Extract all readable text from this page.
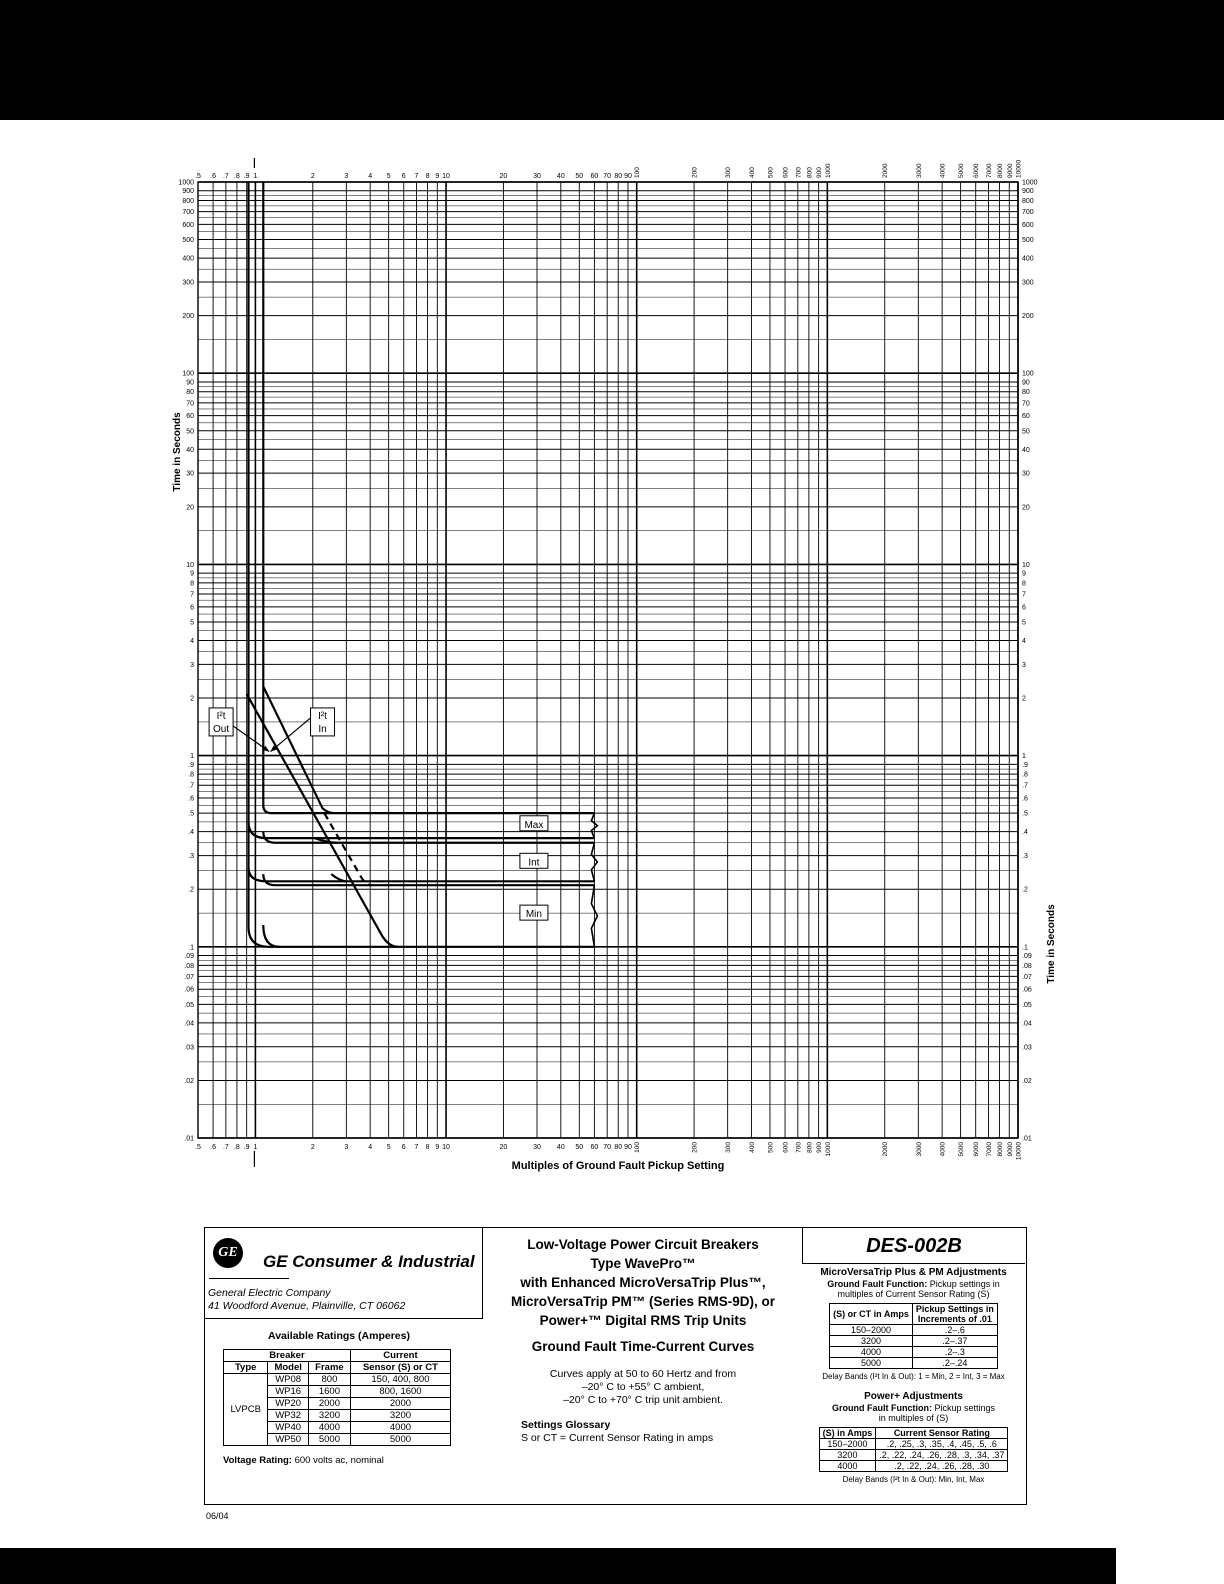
.5
.5
.6
.6
.7
.7
.8
.8
.9
.9
1
1
2
2
3
3
4
4
5
5
6
6
7
7
8
8
9
9
10
10
20
20
30
30
40
40
50
50
60
60
70
70
80
80
90
90
100
100
200
200
300
300
400
400
500
500
600
600
700
700
800
800
900
900
1000
1000
2000
2000
3000
3000
4000
4000
5000
5000
6000
6000
7000
7000
8000
8000
9000
9000
10000
10000
1000	1000
900	900
800	800
700	700
600	600
500	500
400	400
300	300
200	200
100	100
90	90
80	80
70	70
60	60
50	50
40	40
30	30
20	20
10	10
9	9
8	8
7	7
6	6
5	5
4	4
3	3
2	2
1	1
.9	.9
.8	.8
.7	.7
.6	.6
.5	.5
.4	.4
.3	.3
.2	.2
.1	.1
.09	.09
.08	.08
.07	.07
.06	.06
.05	.05
.04	.04
.03	.03
.02	.02
.01	.01
Max
Int
Min
I²t
Out
I²t
In
Multiples of Ground Fault Pickup Setting
Time in Seconds
Time in Seconds
GE	GE Consumer & Industrial
General Electric Company
41 Woodford Avenue, Plainville, CT 06062
Available Ratings (Amperes)
Breaker			Current
Type	Model	Frame	Sensor (S) or CT
LVPCB	WP08	800	150, 400, 800
	WP16	1600	800, 1600
	WP20	2000	2000
	WP32	3200	3200
	WP40	4000	4000
	WP50	5000	5000
Voltage Rating: 600 volts ac, nominal
Low-Voltage Power Circuit Breakers
Type WavePro™
with Enhanced MicroVersaTrip Plus™,
MicroVersaTrip PM™ (Series RMS-9D), or
Power+™ Digital RMS Trip Units
Ground Fault Time-Current Curves
Curves apply at 50 to 60 Hertz and from
–20° C to +55° C ambient,
–20° C to +70° C trip unit ambient.
Settings Glossary
S or CT = Current Sensor Rating in amps
DES-002B
MicroVersaTrip Plus & PM Adjustments
Ground Fault Function: Pickup settings in
multiples of Current Sensor Rating (S)
(S) or CT in Amps	Pickup Settings in
Increments of .01

150–2000	.2–.6
3200	.2–.37
4000	.2–.3
5000	.2–.24
Delay Bands (I²t In & Out): 1 = Min, 2 = Int, 3 = Max
Power+ Adjustments
Ground Fault Function: Pickup settings
in multiples of (S)
(S) in Amps	Current Sensor Rating
150–2000	.2, .25, .3, .35, .4, .45, .5, .6
3200	.2, .22, .24, .26, .28, .3, .34, .37
4000	.2, .22, .24, .26, .28, .30
Delay Bands (I²t In & Out): Min, Int, Max
06/04
